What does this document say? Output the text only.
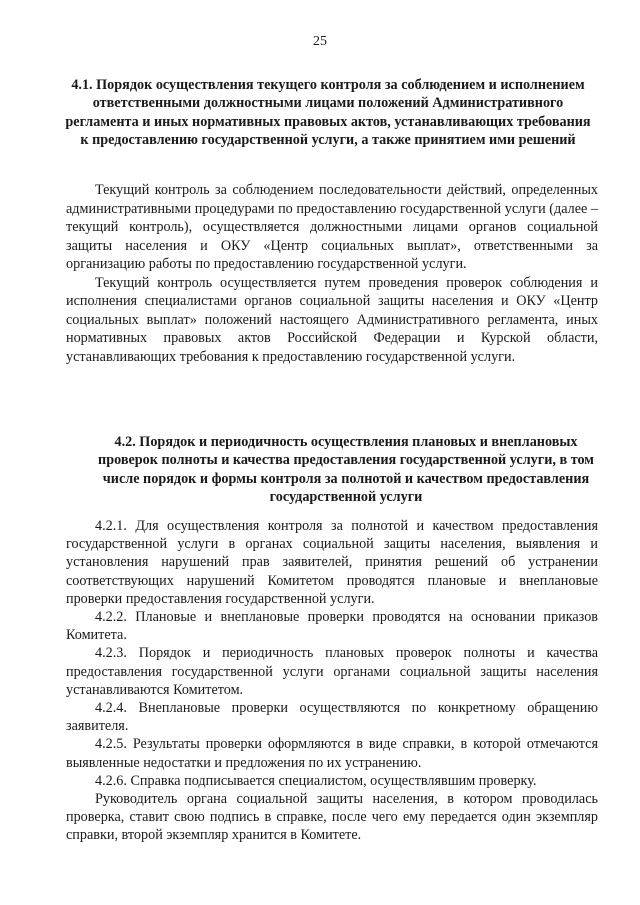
25
4.1. Порядок осуществления текущего контроля за соблюдением и исполнением ответственными должностными лицами положений Административного регламента и иных нормативных правовых актов, устанавливающих требования к предоставлению государственной услуги, а также принятием ими решений

Текущий контроль за соблюдением последовательности действий, определенных административными процедурами по предоставлению государственной услуги (далее – текущий контроль), осуществляется должностными лицами органов социальной защиты населения и ОКУ «Центр социальных выплат», ответственными за организацию работы по предоставлению государственной услуги.

Текущий контроль осуществляется путем проведения проверок соблюдения и исполнения специалистами органов социальной защиты населения и ОКУ «Центр социальных выплат» положений настоящего Административного регламента, иных нормативных правовых актов Российской Федерации и Курской области, устанавливающих требования к предоставлению государственной услуги.

4.2. Порядок и периодичность осуществления плановых и внеплановых проверок полноты и качества предоставления государственной услуги, в том числе порядок и формы контроля за полнотой и качеством предоставления государственной услуги

4.2.1. Для осуществления контроля за полнотой и качеством предоставления государственной услуги в органах социальной защиты населения, выявления и установления нарушений прав заявителей, принятия решений об устранении соответствующих нарушений Комитетом проводятся плановые и внеплановые проверки предоставления государственной услуги.

4.2.2. Плановые и внеплановые проверки проводятся на основании приказов Комитета.

4.2.3. Порядок и периодичность плановых проверок полноты и качества предоставления государственной услуги органами социальной защиты населения устанавливаются Комитетом.

4.2.4. Внеплановые проверки осуществляются по конкретному обращению заявителя.

4.2.5. Результаты проверки оформляются в виде справки, в которой отмечаются выявленные недостатки и предложения по их устранению.

4.2.6. Справка подписывается специалистом, осуществлявшим проверку.

Руководитель органа социальной защиты населения, в котором проводилась проверка, ставит свою подпись в справке, после чего ему передается один экземпляр справки, второй экземпляр хранится в Комитете.
